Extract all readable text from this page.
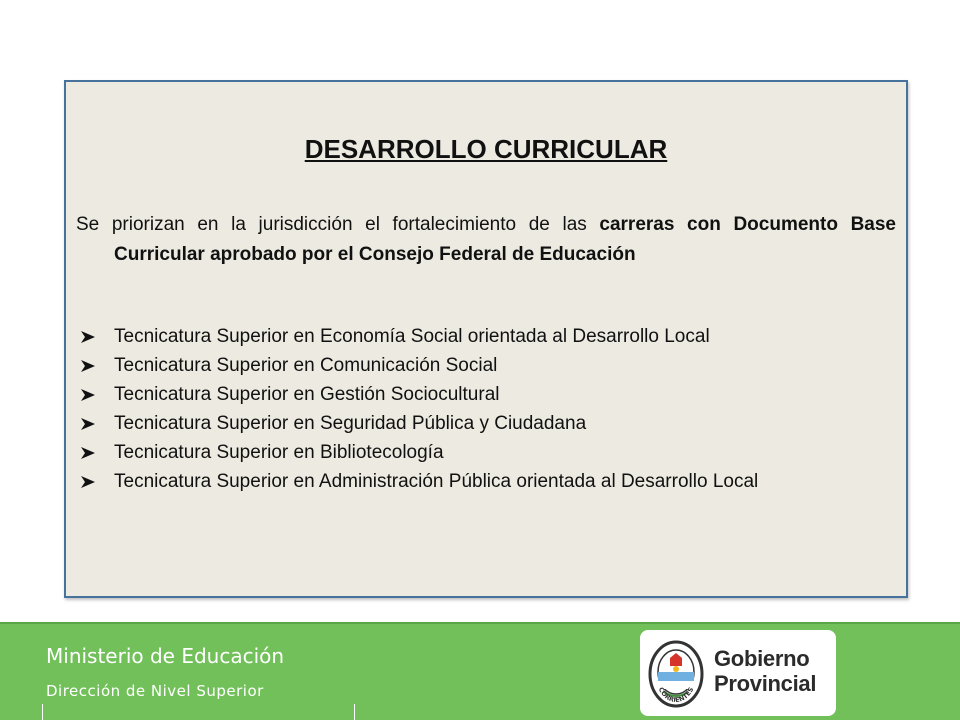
DESARROLLO CURRICULAR
Se priorizan en la jurisdicción el fortalecimiento de las carreras con Documento Base Curricular aprobado por el Consejo Federal de Educación
Tecnicatura Superior en Economía Social orientada al Desarrollo Local
Tecnicatura Superior en Comunicación Social
Tecnicatura Superior en Gestión Sociocultural
Tecnicatura Superior en Seguridad Pública y Ciudadana
Tecnicatura Superior en Bibliotecología
Tecnicatura Superior en Administración Pública orientada al Desarrollo Local
Ministerio de Educación
Dirección de Nivel Superior	CORRIENTES
Gobierno
Provincial
